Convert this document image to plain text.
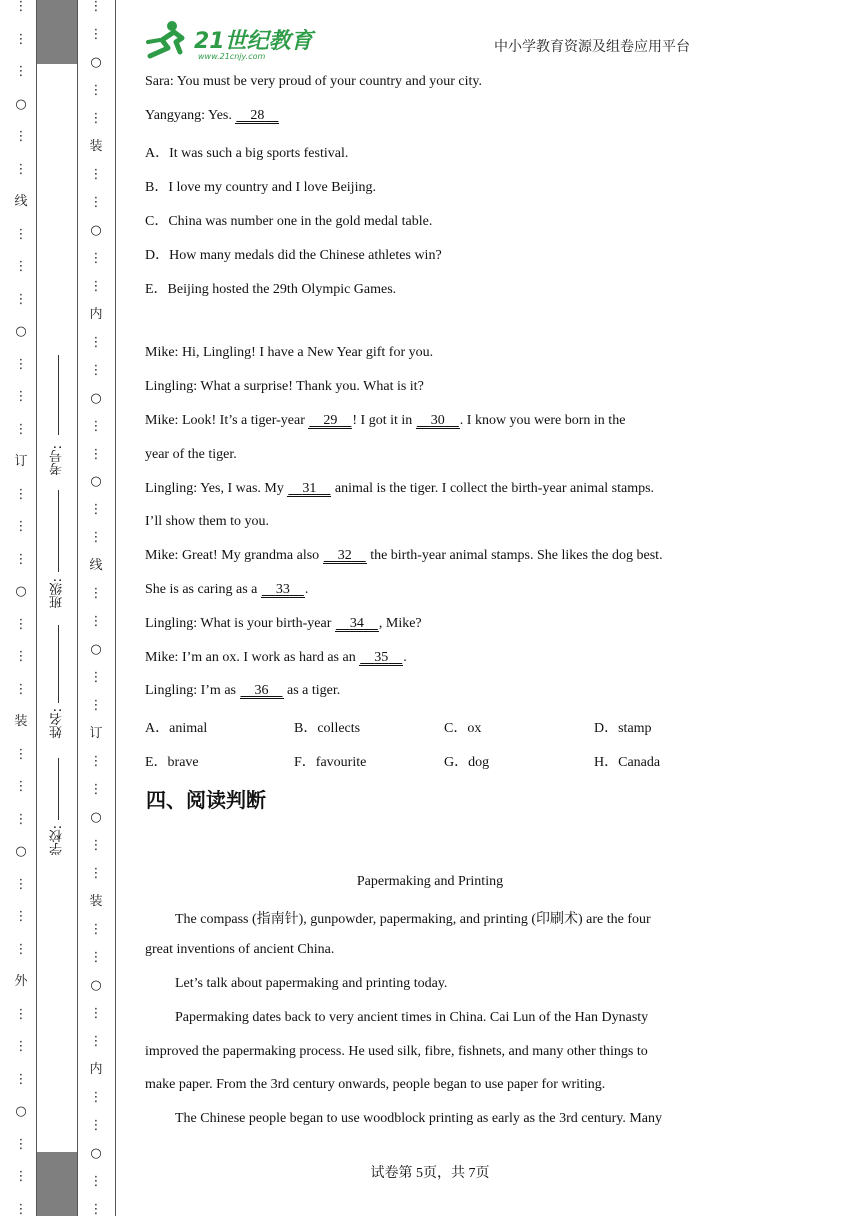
⋮
⋮
⋮
○
⋮
⋮
线
⋮
⋮
⋮
○
⋮
⋮
⋮
订
⋮
⋮
⋮
○
⋮
⋮
⋮
装
⋮
⋮
⋮
○
⋮
⋮
⋮
外
⋮
⋮
⋮
○
⋮
⋮
⋮
考号:
班级:
姓名:
学校:
⋮
⋮
○
⋮
⋮
装
⋮
⋮
○
⋮
⋮
内
⋮
⋮
○
⋮
⋮
○
⋮
⋮
线
⋮
⋮
○
⋮
⋮
订
⋮
⋮
○
⋮
⋮
装
⋮
⋮
○
⋮
⋮
内
⋮
⋮
○
⋮
⋮
21世纪教育
www.21cnjy.com
中小学教育资源及组卷应用平台
Sara: You must be very proud of your country and your city.
Yangyang: Yes.     28
A．It was such a big sports festival.
B．I love my country and I love Beijing.
C．China was number one in the gold medal table.
D．How many medals did the Chinese athletes win?
E．Beijing hosted the 29th Olympic Games.
Mike: Hi, Lingling! I have a New Year gift for you.
Lingling: What a surprise! Thank you. What is it?
Mike: Look! It’s a tiger-year     29 ! I got it in     30 . I know you were born in the
year of the tiger.
Lingling: Yes, I was. My     31     animal is the tiger. I collect the birth-year animal stamps.
I’ll show them to you.
Mike: Great! My grandma also     32     the birth-year animal stamps. She likes the dog best.
She is as caring as a     33 .
Lingling: What is your birth-year     34 , Mike?
Mike: I’m an ox. I work as hard as an     35 .
Lingling: I’m as     36     as a tiger.
A．animal	B．collects	C．ox	D．stamp
E．brave	F．favourite	G．dog	H．Canada
四、阅读判断
Papermaking and Printing
The compass (指南针), gunpowder, papermaking, and printing (印刷术) are the four
great inventions of ancient China.
Let’s talk about papermaking and printing today.
Papermaking dates back to very ancient times in China. Cai Lun of the Han Dynasty
improved the papermaking process. He used silk, fibre, fishnets, and many other things to
make paper. From the 3rd century onwards, people began to use paper for writing.
The Chinese people began to use woodblock printing as early as the 3rd century. Many
试卷第 5页，共 7页
